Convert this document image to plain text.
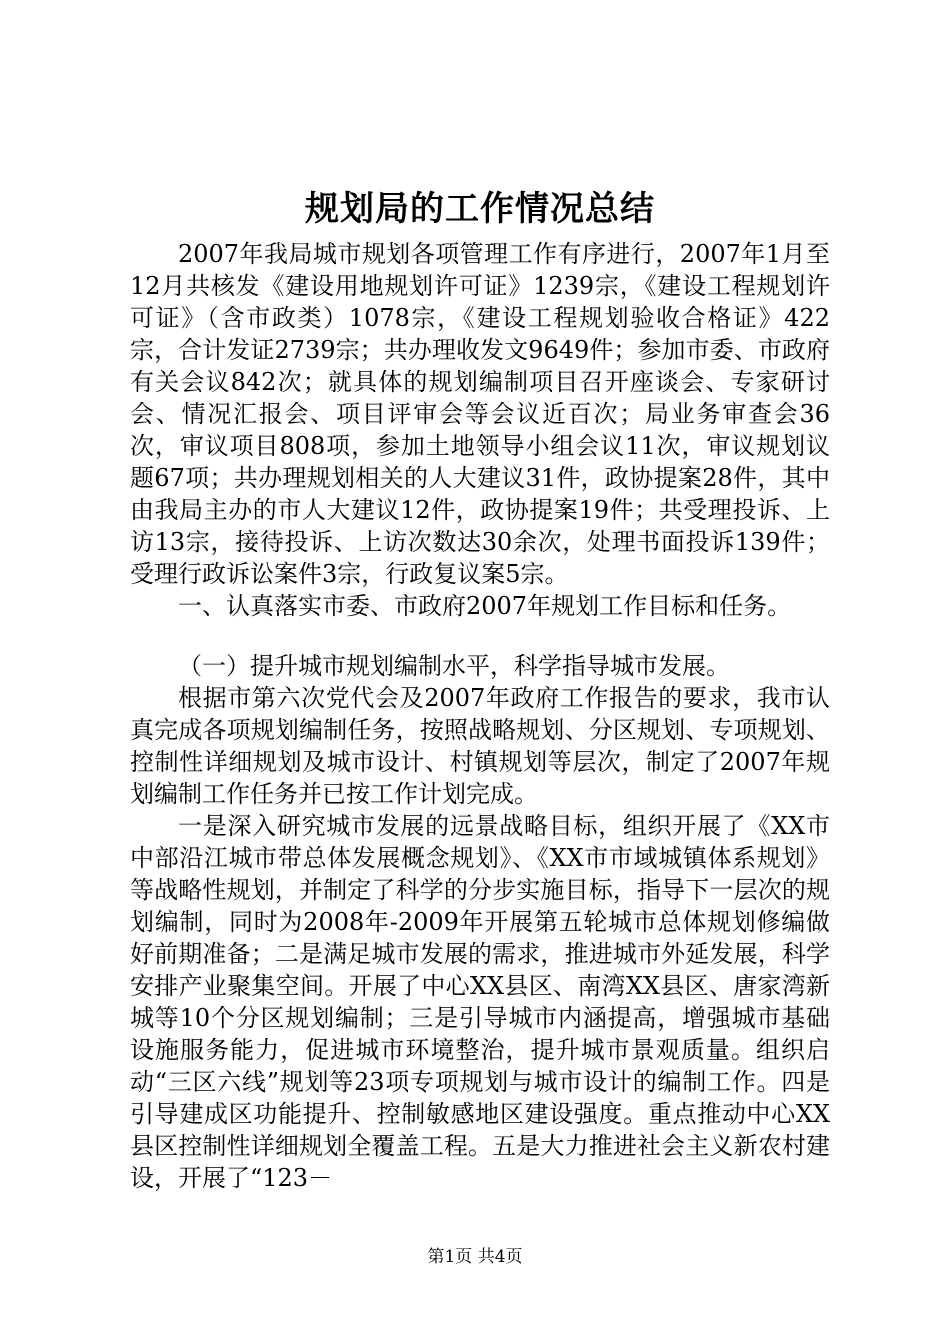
规划局的工作情况总结

2007年我局城市规划各项管理工作有序进行，2007年1月至12月共核发《建设用地规划许可证》1239宗，《建设工程规划许可证》（含市政类）1078宗，《建设工程规划验收合格证》422宗，合计发证2739宗；共办理收发文9649件；参加市委、市政府有关会议842次；就具体的规划编制项目召开座谈会、专家研讨会、情况汇报会、项目评审会等会议近百次；局业务审查会36次，审议项目808项，参加土地领导小组会议11次，审议规划议题67项；共办理规划相关的人大建议31件，政协提案28件，其中由我局主办的市人大建议12件，政协提案19件；共受理投诉、上访13宗，接待投诉、上访次数达30余次，处理书面投诉139件；受理行政诉讼案件3宗，行政复议案5宗。

一、认真落实市委、市政府2007年规划工作目标和任务。

（一）提升城市规划编制水平，科学指导城市发展。

根据市第六次党代会及2007年政府工作报告的要求，我市认真完成各项规划编制任务，按照战略规划、分区规划、专项规划、控制性详细规划及城市设计、村镇规划等层次，制定了2007年规划编制工作任务并已按工作计划完成。

一是深入研究城市发展的远景战略目标，组织开展了《XX市中部沿江城市带总体发展概念规划》、《XX市市域城镇体系规划》等战略性规划，并制定了科学的分步实施目标，指导下一层次的规划编制，同时为2008年-2009年开展第五轮城市总体规划修编做好前期准备；二是满足城市发展的需求，推进城市外延发展，科学安排产业聚集空间。开展了中心XX县区、南湾XX县区、唐家湾新城等10个分区规划编制；三是引导城市内涵提高，增强城市基础设施服务能力，促进城市环境整治，提升城市景观质量。组织启动“三区六线”规划等23项专项规划与城市设计的编制工作。四是引导建成区功能提升、控制敏感地区建设强度。重点推动中心XX县区控制性详细规划全覆盖工程。五是大力推进社会主义新农村建设，开展了“123－

第1页 共4页
